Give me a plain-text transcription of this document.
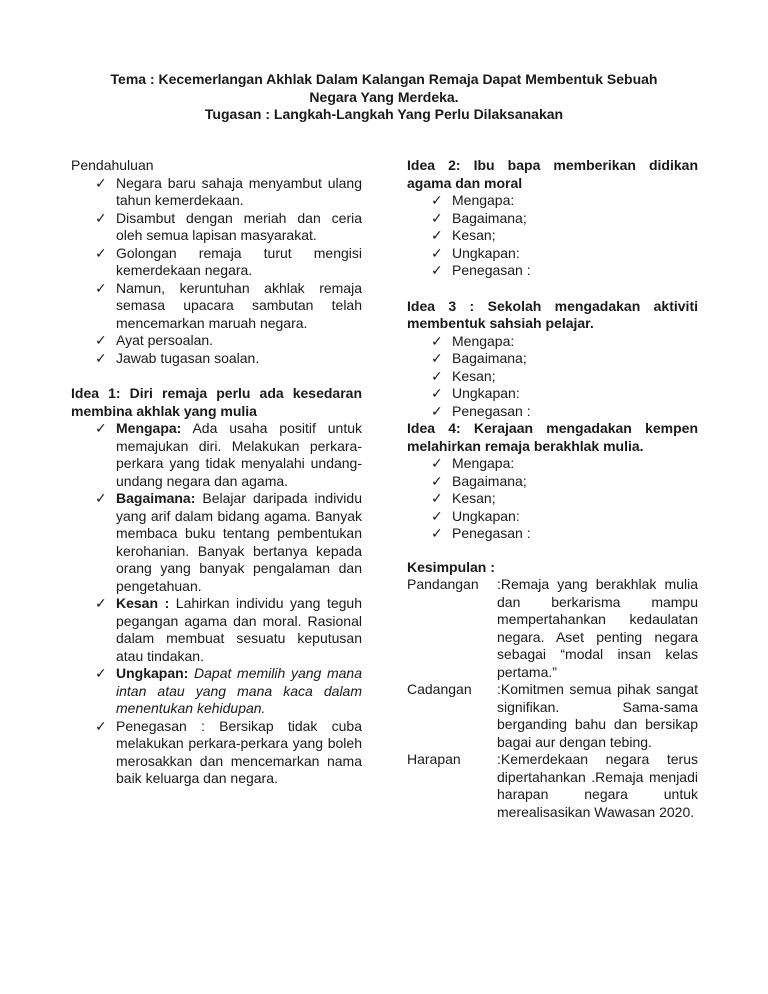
Tema : Kecemerlangan Akhlak Dalam Kalangan Remaja Dapat Membentuk Sebuah
Negara Yang Merdeka.
Tugasan : Langkah-Langkah Yang Perlu Dilaksanakan
Pendahuluan
✓ Negara baru sahaja menyambut ulang tahun kemerdekaan.
✓ Disambut dengan meriah dan ceria oleh semua lapisan masyarakat.
✓ Golongan remaja turut mengisi kemerdekaan negara.
✓ Namun, keruntuhan akhlak remaja semasa upacara sambutan telah mencemarkan maruah negara.
✓ Ayat persoalan.
✓ Jawab tugasan soalan.
Idea 1: Diri remaja perlu ada kesedaran membina akhlak yang mulia
✓ Mengapa: Ada usaha positif untuk memajukan diri. Melakukan perkara-perkara yang tidak menyalahi undang-undang negara dan agama.
✓ Bagaimana: Belajar daripada individu yang arif dalam bidang agama. Banyak membaca buku tentang pembentukan kerohanian. Banyak bertanya kepada orang yang banyak pengalaman dan pengetahuan.
✓ Kesan : Lahirkan individu yang teguh pegangan agama dan moral. Rasional dalam membuat sesuatu keputusan atau tindakan.
✓ Ungkapan: Dapat memilih yang mana intan atau yang mana kaca dalam menentukan kehidupan.
✓ Penegasan : Bersikap tidak cuba melakukan perkara-perkara yang boleh merosakkan dan mencemarkan nama baik keluarga dan negara.
Idea 2: Ibu bapa memberikan didikan agama dan moral
✓ Mengapa:
✓ Bagaimana;
✓ Kesan;
✓ Ungkapan:
✓ Penegasan :
Idea 3 : Sekolah mengadakan aktiviti membentuk sahsiah pelajar.
✓ Mengapa:
✓ Bagaimana;
✓ Kesan;
✓ Ungkapan:
✓ Penegasan :
Idea 4: Kerajaan mengadakan kempen melahirkan remaja berakhlak mulia.
✓ Mengapa:
✓ Bagaimana;
✓ Kesan;
✓ Ungkapan:
✓ Penegasan :
Kesimpulan :
Pandangan	:Remaja yang berakhlak mulia dan berkarisma mampu mempertahankan kedaulatan negara. Aset penting negara sebagai “modal insan kelas pertama.”
Cadangan	:Komitmen semua pihak sangat signifikan. Sama-sama berganding bahu dan bersikap bagai aur dengan tebing.
Harapan	:Kemerdekaan negara terus dipertahankan .Remaja menjadi harapan negara untuk merealisasikan Wawasan 2020.
